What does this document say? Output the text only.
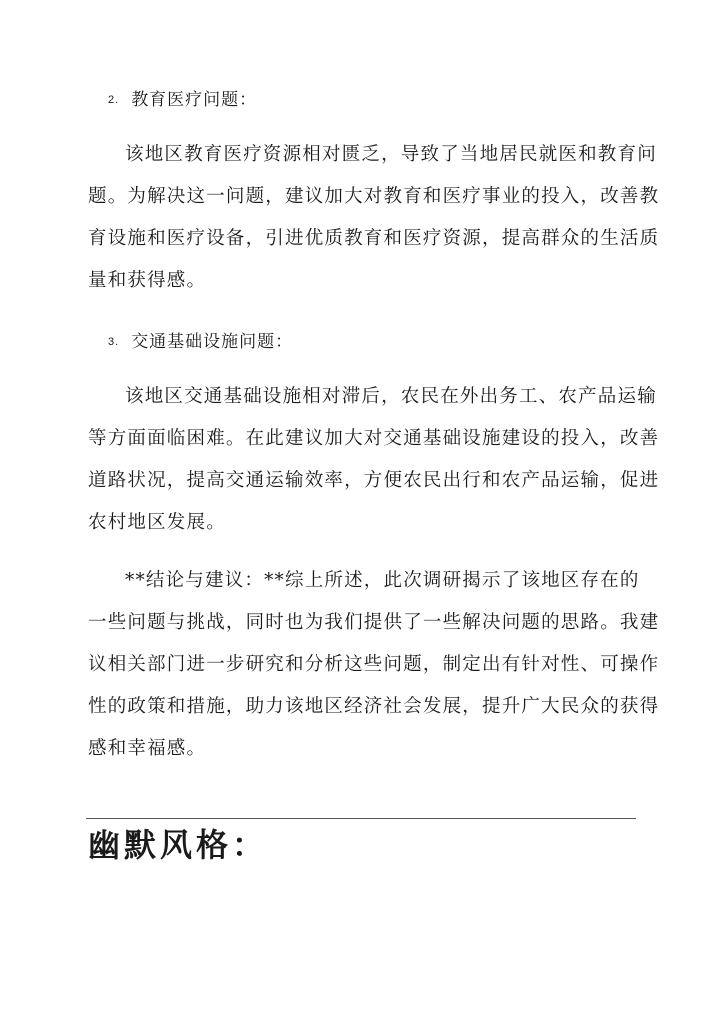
2. 教育医疗问题：
该地区教育医疗资源相对匮乏，导致了当地居民就医和教育问
题。为解决这一问题，建议加大对教育和医疗事业的投入，改善教
育设施和医疗设备，引进优质教育和医疗资源，提高群众的生活质
量和获得感。
3. 交通基础设施问题：
该地区交通基础设施相对滞后，农民在外出务工、农产品运输
等方面面临困难。在此建议加大对交通基础设施建设的投入，改善
道路状况，提高交通运输效率，方便农民出行和农产品运输，促进
农村地区发展。
**结论与建议：**综上所述，此次调研揭示了该地区存在的
一些问题与挑战，同时也为我们提供了一些解决问题的思路。我建
议相关部门进一步研究和分析这些问题，制定出有针对性、可操作
性的政策和措施，助力该地区经济社会发展，提升广大民众的获得
感和幸福感。
幽默风格：
